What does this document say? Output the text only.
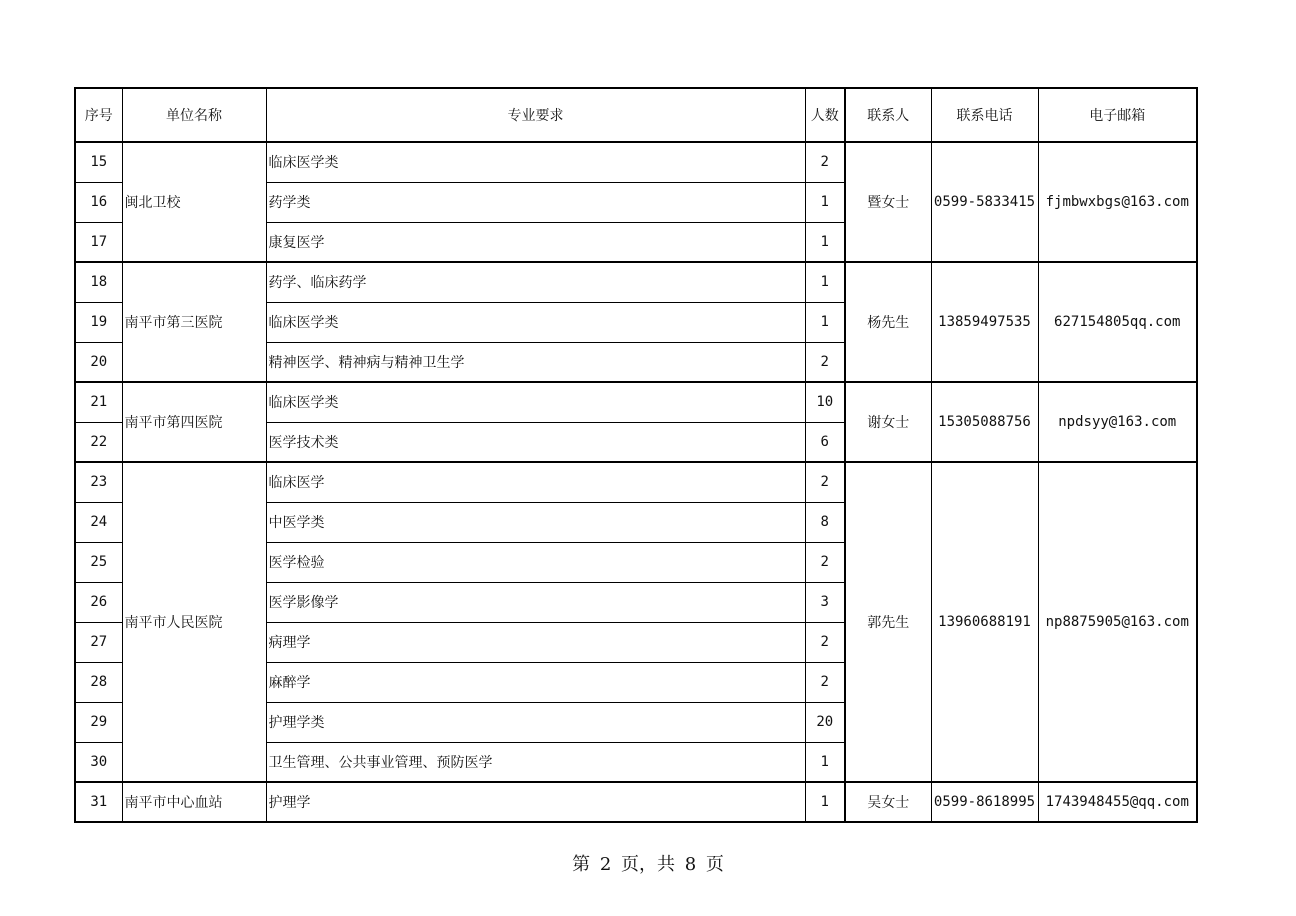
序号	单位名称	专业要求	人数	联系人	联系电话	电子邮箱
15	闽北卫校	临床医学类	2	暨女士	0599-5833415	fjmbwxbgs@163.com
16		药学类	1			
17		康复医学	1			
18	南平市第三医院	药学、临床药学	1	杨先生	13859497535	627154805qq.com
19		临床医学类	1			
20		精神医学、精神病与精神卫生学	2			
21	南平市第四医院	临床医学类	10	谢女士	15305088756	npdsyy@163.com
22		医学技术类	6			
23	南平市人民医院	临床医学	2	郭先生	13960688191	np8875905@163.com
24		中医学类	8			
25		医学检验	2			
26		医学影像学	3			
27		病理学	2			
28		麻醉学	2			
29		护理学类	20			
30		卫生管理、公共事业管理、预防医学	1			
31	南平市中心血站	护理学	1	吴女士	0599-8618995	1743948455@qq.com
第 2 页，共 8 页
